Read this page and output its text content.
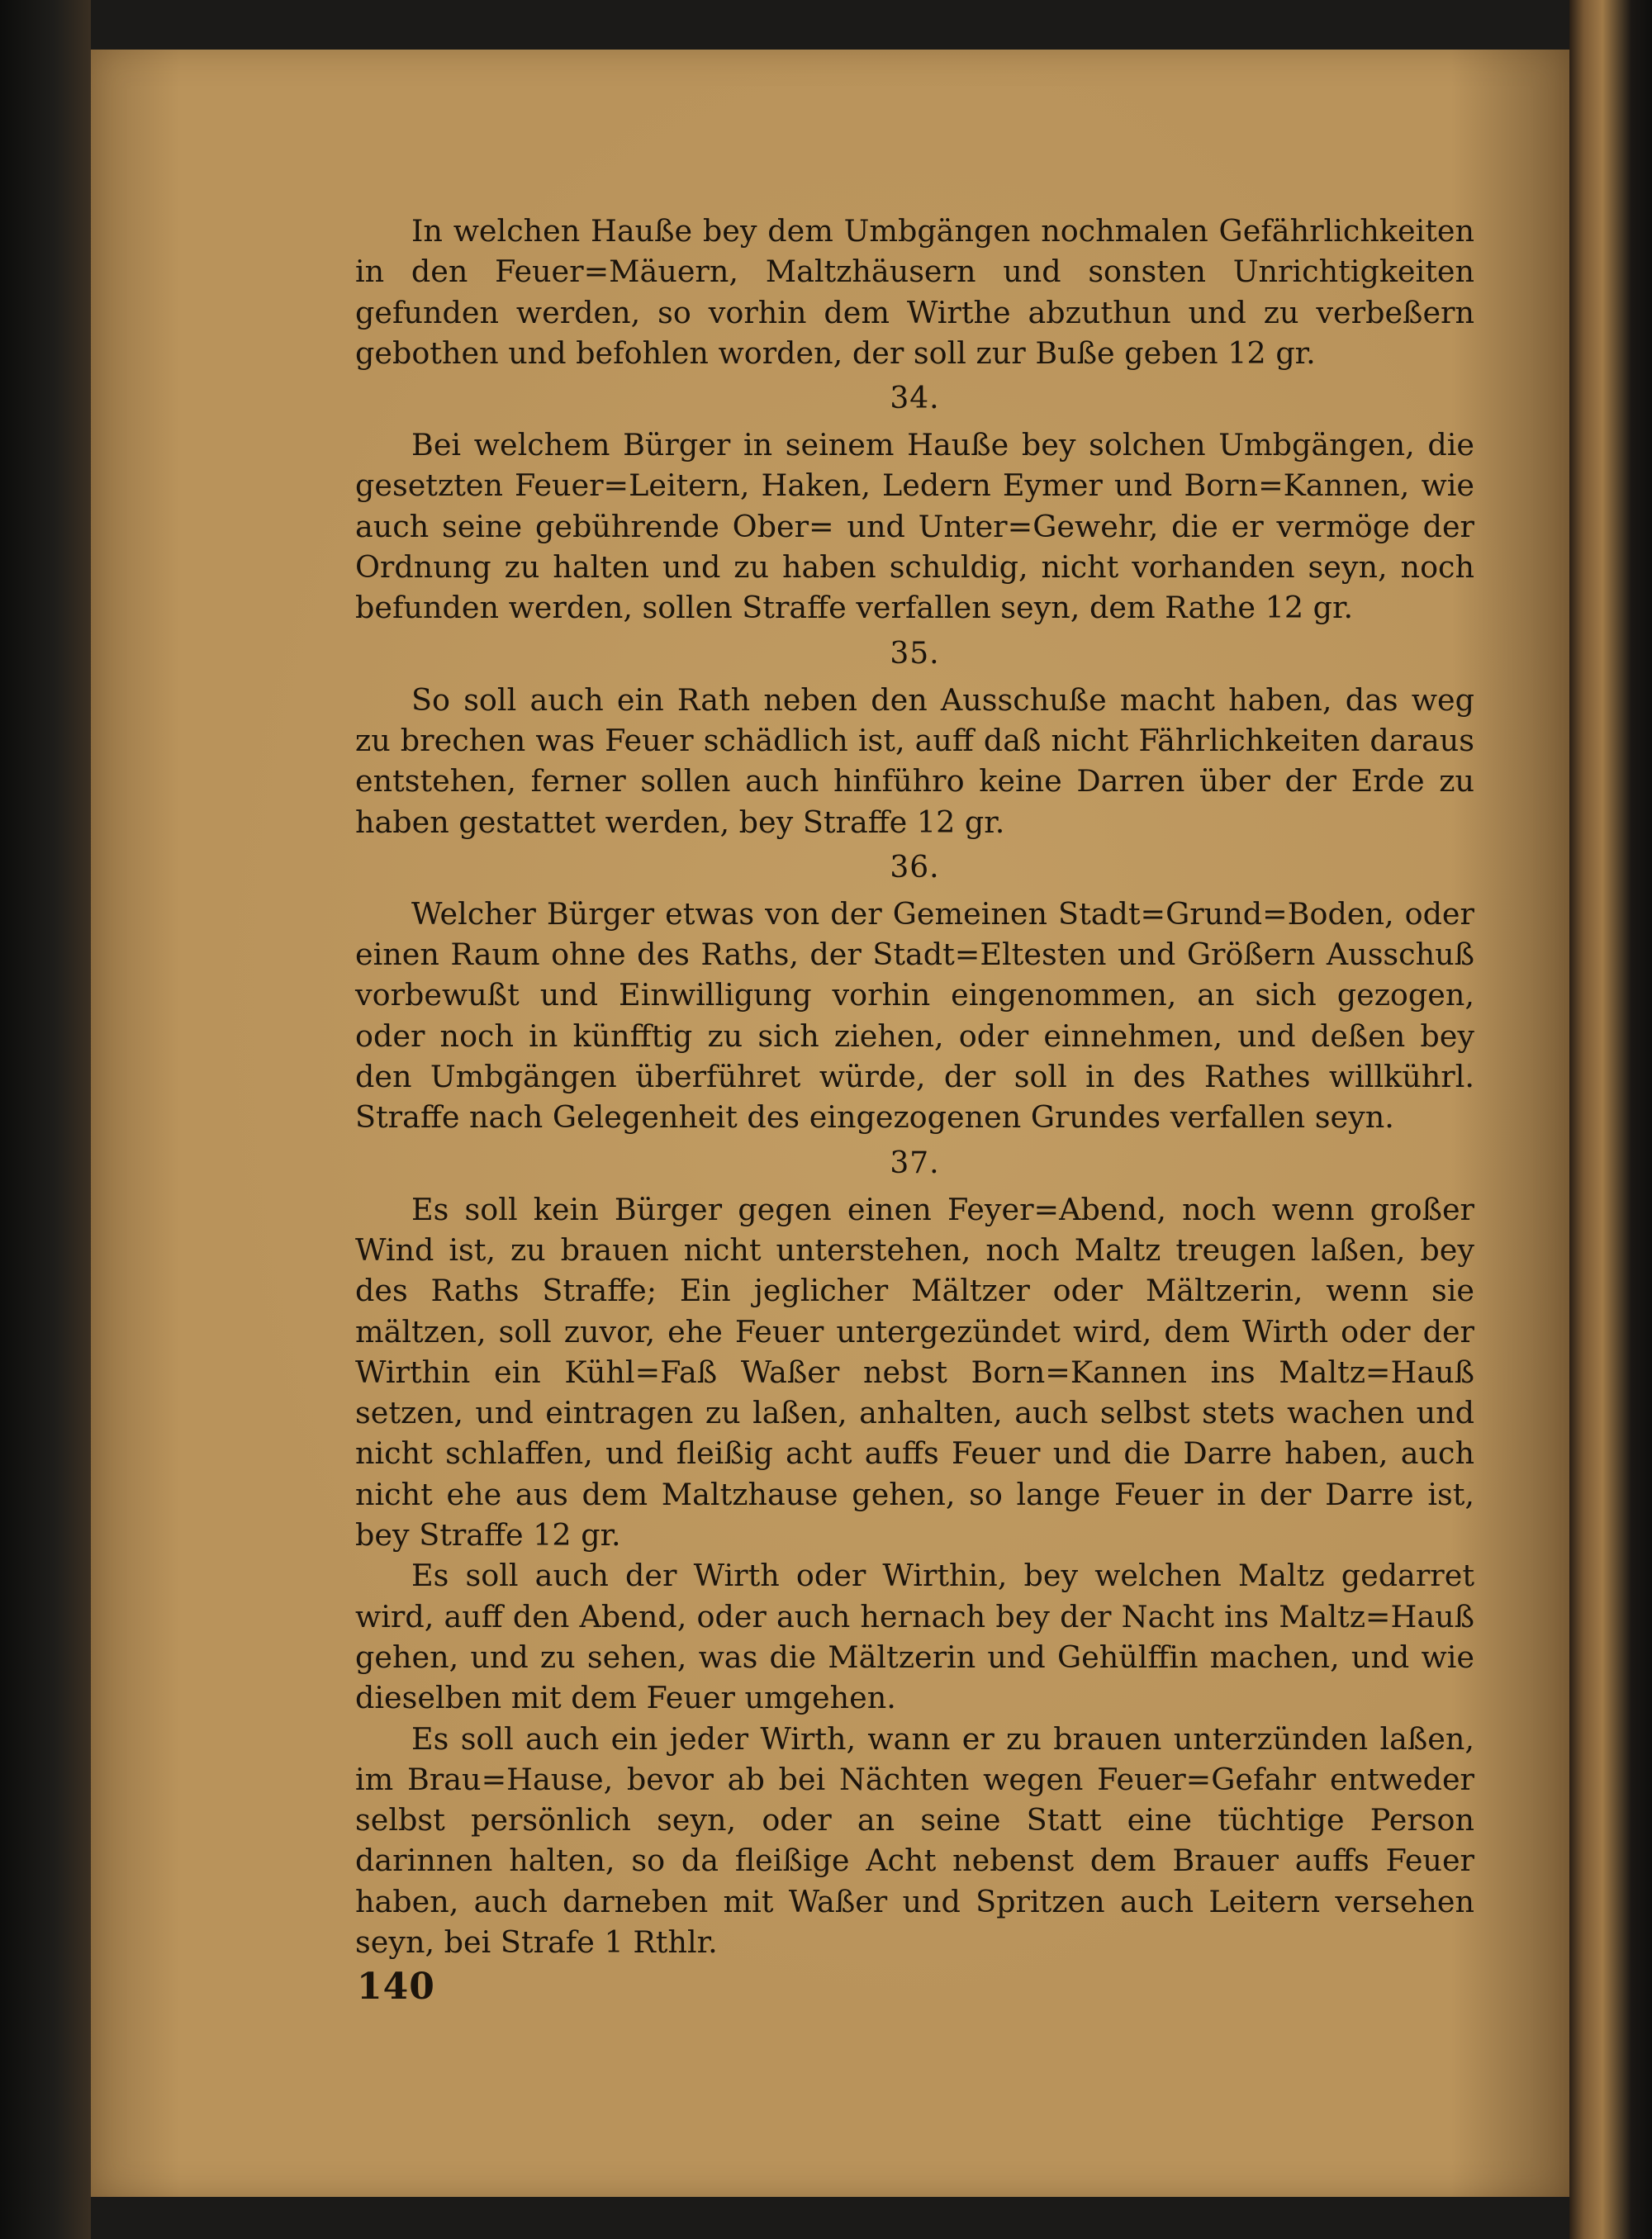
In welchen Haußе bey dem Umbgängen nochmalen Gefährlichkeiten in den Feuer=Mäuern, Maltzhäusern und sonsten Unrichtigkeiten gefunden werden, so vorhin dem Wirthe abzuthun und zu verbeßern gebothen und befohlen worden, der soll zur Buße geben 12 gr.

34.

Bei welchem Bürger in seinem Hauße bey solchen Umbgängen, die gesetzten Feuer=Leitern, Haken, Ledern Eymer und Born=Kannen, wie auch seine gebührende Ober= und Unter=Gewehr, die er vermöge der Ordnung zu halten und zu haben schuldig, nicht vorhanden seyn, noch befunden werden, sollen Straffe verfallen seyn, dem Rathe 12 gr.

35.

So soll auch ein Rath neben den Ausschuße macht haben, das weg zu brechen was Feuer schädlich ist, auff daß nicht Fährlichkeiten daraus entstehen, ferner sollen auch hinführo keine Darren über der Erde zu haben gestattet werden, bey Straffe 12 gr.

36.

Welcher Bürger etwas von der Gemeinen Stadt=Grund=Boden, oder einen Raum ohne des Raths, der Stadt=Eltesten und Größern Ausschuß vorbewußt und Einwilligung vorhin eingenommen, an sich gezogen, oder noch in künfftig zu sich ziehen, oder einnehmen, und deßen bey den Umbgängen überführet würde, der soll in des Rathes willkührl. Straffe nach Gelegenheit des eingezogenen Grundes verfallen seyn.

37.

Es soll kein Bürger gegen einen Feyer=Abend, noch wenn großer Wind ist, zu brauen nicht unterstehen, noch Maltz treugen laßen, bey des Raths Straffe; Ein jeglicher Mältzer oder Mältzerin, wenn sie mältzen, soll zuvor, ehe Feuer untergezündet wird, dem Wirth oder der Wirthin ein Kühl=Faß Waßer nebst Born=Kannen ins Maltz=Hauß setzen, und eintragen zu laßen, anhalten, auch selbst stets wachen und nicht schlaffen, und fleißig acht auffs Feuer und die Darre haben, auch nicht ehe aus dem Maltzhause gehen, so lange Feuer in der Darre ist, bey Straffe 12 gr.

Es soll auch der Wirth oder Wirthin, bey welchen Maltz gedarret wird, auff den Abend, oder auch hernach bey der Nacht ins Maltz=Hauß gehen, und zu sehen, was die Mältzerin und Gehülffin machen, und wie dieselben mit dem Feuer umgehen.

Es soll auch ein jeder Wirth, wann er zu brauen unterzünden laßen, im Brau=Hause, bevor ab bei Nächten wegen Feuer=Gefahr entweder selbst persönlich seyn, oder an seine Statt eine tüchtige Person darinnen halten, so da fleißige Acht nebenst dem Brauer auffs Feuer haben, auch darneben mit Waßer und Spritzen auch Leitern versehen seyn, bei Strafe 1 Rthlr.

140
